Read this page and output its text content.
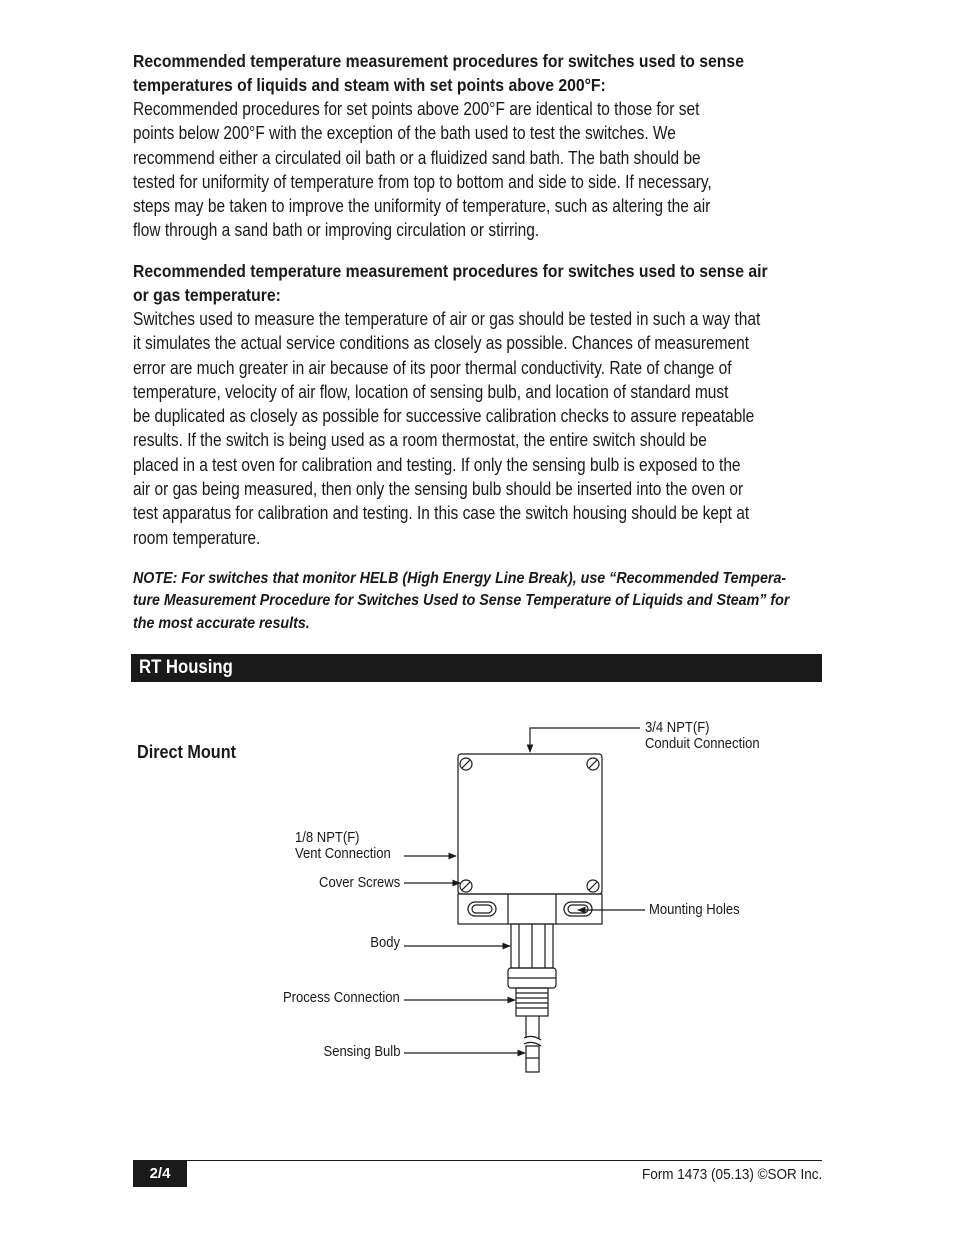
Recommended temperature measurement procedures for switches used to sense
temperatures of liquids and steam with set points above 200°F:
Recommended procedures for set points above 200°F are identical to those for set
points below 200°F with the exception of the bath used to test the switches. We
recommend either a circulated oil bath or a fluidized sand bath. The bath should be
tested for uniformity of temperature from top to bottom and side to side. If necessary,
steps may be taken to improve the uniformity of temperature, such as altering the air
flow through a sand bath or improving circulation or stirring.
Recommended temperature measurement procedures for switches used to sense air
or gas temperature:
Switches used to measure the temperature of air or gas should be tested in such a way that
it simulates the actual service conditions as closely as possible. Chances of measurement
error are much greater in air because of its poor thermal conductivity. Rate of change of
temperature, velocity of air flow, location of sensing bulb, and location of standard must
be duplicated as closely as possible for successive calibration checks to assure repeatable
results. If the switch is being used as a room thermostat, the entire switch should be
placed in a test oven for calibration and testing. If only the sensing bulb is exposed to the
air or gas being measured, then only the sensing bulb should be inserted into the oven or
test apparatus for calibration and testing. In this case the switch housing should be kept at
room temperature.
NOTE: For switches that monitor HELB (High Energy Line Break), use “Recommended Tempera-
ture Measurement Procedure for Switches Used to Sense Temperature of Liquids and Steam” for
the most accurate results.
RT Housing
Direct Mount
3/4 NPT(F)
Conduit Connection
1/8 NPT(F)
Vent Connection
Cover Screws
Mounting Holes
Body
Process Connection
Sensing Bulb
2/4	Form 1473 (05.13) ©SOR Inc.
